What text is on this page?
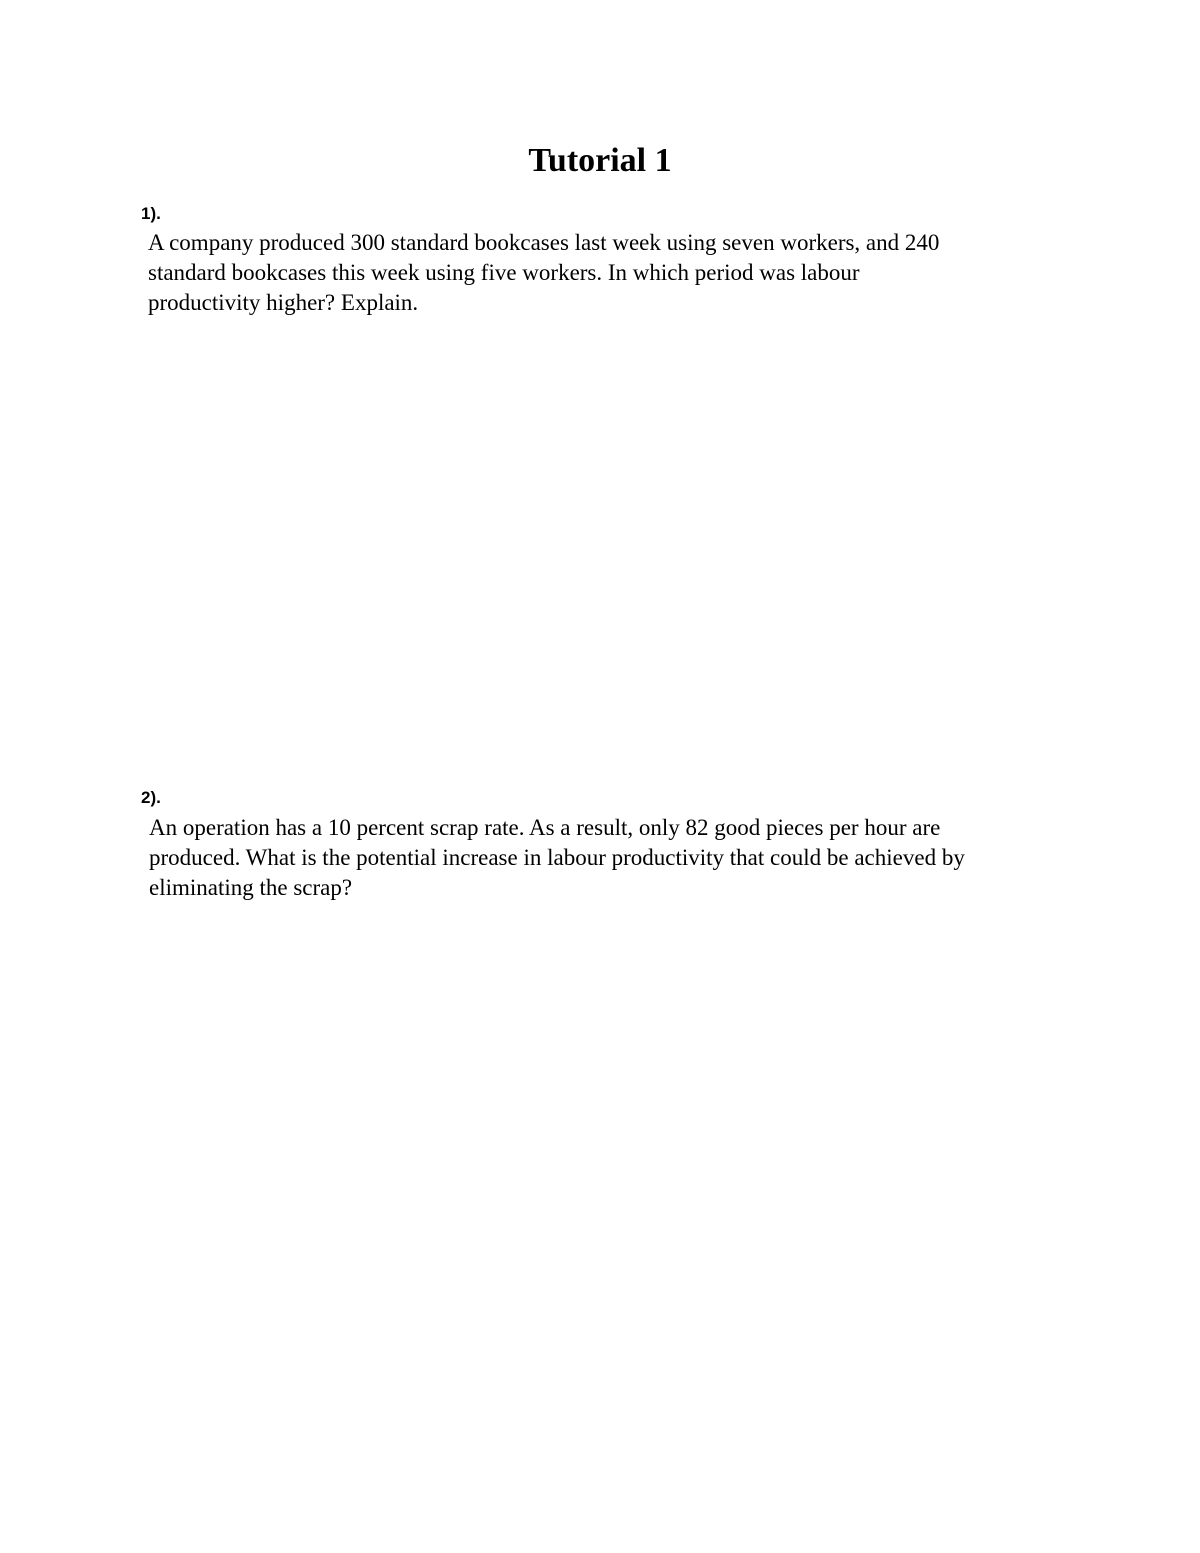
Tutorial 1
1).
A company produced 300 standard bookcases last week using seven workers, and 240
standard bookcases this week using five workers. In which period was labour
productivity higher? Explain.
2).
An operation has a 10 percent scrap rate. As a result, only 82 good pieces per hour are
produced. What is the potential increase in labour productivity that could be achieved by
eliminating the scrap?
